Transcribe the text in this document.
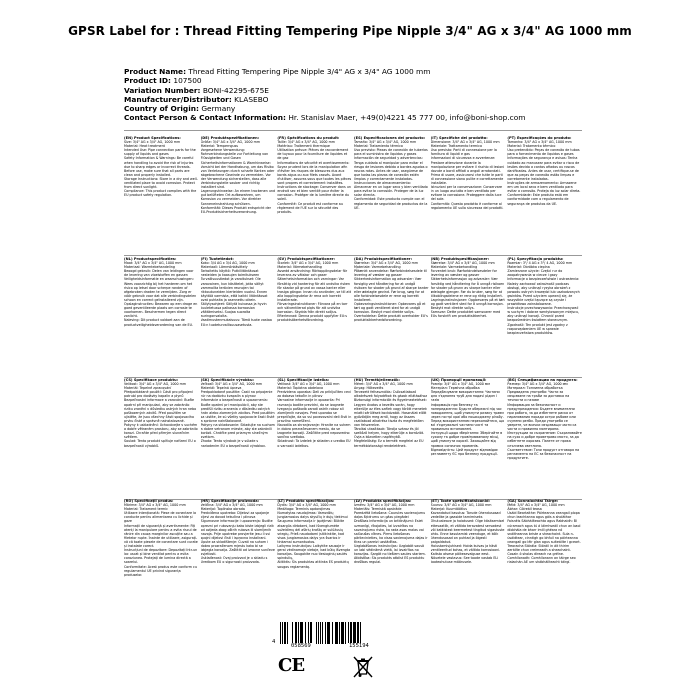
GPSR Label for : Thread Fitting Tempering Pipe Nipple 3/4" AG x 3/4" AG 1000 mm
Product Name: Thread Fitting Tempering Pipe Nipple 3/4" AG x 3/4" AG 1000 mm
Product ID: 107500
Variation Number: BONI-42295-675E
Manufacturer/Distributor: KLASEBO
Country of Origin: Germany
Contact Person & Contact Information: Hr. Stanislav Maer, +49(0)4221 45 777 00, info@boni-shop.com

(EN) Product Specifications:

Size: 3/4" AG x 3/4" AG, 1000 mm

Material: Heat treatment

Intended Use: Pipe connection parts for the supply of liquids and gases

Safety Information & Warnings: Be careful when handling to avoid the risk of injuries due to sharp edges or incorrect threads. Before use, make sure that all parts are clean and properly installed.

Storage Instructions: Store in a dry and well-ventilated place to avoid corrosion. Protect from direct sunlight.

Compliance: This product complies with the EU product safety regulation.

(DE) Produktspezifikationen:

Größe: 3/4" AG x 3/4" AG, 1000 mm

Material: Tempernguss

Vorgesehene Verwendung: Rohrverbindungsteile zur Fortleitung von Flüssigkeiten und Gasen

Sicherheitsinformationen & Warnhinweise: Vorsicht bei der Handhabung, um das Risiko von Verletzungen durch scharfe Kanten oder abgebrochene Gewinde zu vermeiden. Vor der Verwendung sicherstellen, dass alle Verbindungsteile sauber und richtig installiert sind.

Lagerungshinweise: An einem trockenen und gut belüfteten Ort aufbewahren, um Korrosion zu vermeiden. Vor direkter Sonneneinstrahlung schützen.

Konformität: Dieses Produkt entspricht der EU-Produktsicherheitsverordnung.

(FR) Spécifications du produit:

Taille: 3/4" AG x 3/4" AG, 1000 mm

Matériau: Traitement thermique

Utilisation prévue: Pièces de raccordement de tuyaux pour la fourniture de liquides et de gaz

Informations de sécurité et avertissements: Soyez prudent lors de la manipulation afin d'éviter les risques de blessures dus aux bords aigus ou aux filets cassés. Avant d'utiliser, assurez-vous que toutes les pièces sont propres et correctement installées.

Instructions de stockage: Conserver dans un endroit sec et bien ventilé pour éviter la corrosion. Protéger de la lumière directe du soleil.

Conformité: Ce produit est conforme au règlement de l'UE sur la sécurité des produits.

(ES) Especificaciones del producto:

Tamaño: 3/4" AG x 3/4" AG, 1000 mm

Material: Tratamiento térmico

Uso previsto: Piezas de conexión de tuberías para el suministro de líquidos y gases

Información de seguridad y advertencias: Tenga cuidado al manipular para evitar el riesgo de lesiones debido a bordes agudos o roscas rotas. Antes de usar, asegúrese de que todas las piezas de conexión estén limpias y correctamente instaladas.

Instrucciones de almacenamiento: Almacenar en un lugar seco y bien ventilado para evitar la corrosión. Proteger de la luz solar directa.

Conformidad: Este producto cumple con el reglamento de seguridad de productos de la UE.

(IT) Specifiche del prodotto:

Dimensione: 3/4" AG x 3/4" AG, 1000 mm

Materiale: Trattamento termico

Uso previsto: Parti di connessione per la fornitura di liquidi e gas

Informazioni di sicurezza e avvertenze: Prestare attenzione durante la manipolazione per evitare il rischio di lesioni dovute a bordi affilati o angoli arrotondati. Prima di usare, assicurarsi che tutte le parti di connessione siano pulite e correttamente installate.

Istruzioni per la conservazione: Conservare in un luogo asciutto e ben ventilato per evitare la corrosione. Proteggere dalla luce del sole.

Conformità: Questo prodotto è conforme al regolamento UE sulla sicurezza dei prodotti.

(PT) Especificações do produto:

Tamanho: 3/4" AG x 3/4" AG, 1000 mm

Material: Tratamento térmico

Uso pretendido: Peças de conexão de tubos para o fornecimento de líquidos e gases

Informações de segurança e avisos: Tenha cuidado ao manusear para evitar o risco de lesões devido a cantos afiados ou roscas danificadas. Antes de usar, certifique-se de que as peças de conexão estão limpas e corretamente instaladas.

Instruções de armazenamento: Armazene em um local seco e bem ventilado para evitar a corrosão. Proteja da luz solar direta.

Conformidade: Este produto está em conformidade com o regulamento de segurança de produtos da UE.

(NL) Productspecificaties:

Maat: 3/4" AG x 3/4" AG, 1000 mm

Materiaal: Warmtebehandeling

Beoogd gebruik: Delen van leidingen voor de levering van vloeistoffen en gassen

Veiligheidsinformatie en waarschuwingen: Wees voorzichtig bij het hanteren om het risico op letsel door scherpe randen of afgebroken draden te vermijden. Zorg er vóór gebruik voor dat alle verbindingsdelen schoon en correct geïnstalleerd zijn.

Opslaginstructies: Bewaren op een droge en goed geventileerde plaats om corrosie te voorkomen. Beschermen tegen direct zonlicht.

Naleving: Dit product voldoet aan de productveiligheidsverordening van de EU.

(FI) Tuotetiedot:

Koko: 3/4 AG x 3/4 AG, 1000 mm

Materiaali: Lämmönkäsittely

Tarkoitettu käyttö: Putkiliitäntäosat nesteiden ja kaasujen toimitukseen

Turvallisuustiedot ja varoitukset: Ole varovainen, kun käsittelet, jotta vältyt vammoilta terävien reunojen tai rikkoutuneiden kierteiden vuoksi. Ennen käyttöä varmista, että kaikki liitäntäosat ovat puhtaita ja asennettu oikein.

Säilytysohjeet: Säilytä kuivassa ja hyvin tuuletetussa paikassa korroosion välttämiseksi. Suojaa suoralta auringonvalolta.

Vaatimustenmukaisuus: Tämä tuote vastaa EU:n tuoteturvallisuusasetusta.

(SV) Produktspecifikationer:

Storlek: 3/4" AG x 3/4" AG, 1000 mm

Material: Värmebehandling

Avsedd användning: Rörkopplingsdelar för leverans av vätskor och gaser

Säkerhetsinformation och varningar: Var försiktig vid hantering för att undvika risken för skador på grund av vassa kanter eller trasiga gängor. Innan du använder, se till att alla kopplingsdelar är rena och korrekt installerade.

Förvaringsinstruktioner: Förvara på en torr och välventilerad plats för att undvika korrosion. Skydda från direkt solljus.

Efterlevnad: Denna produkt uppfyller EU:s produktsäkerhetsförordning.

(DA) Produktspecifikationer:

Størrelse: 3/4" AG x 3/4" AG, 1000 mm

Materiale: Varmebehandling

Påtænkt anvendelse: Rørforbindelsesdele til levering af væsker og gasser

Sikkerhedsinformation og advarsler: Vær forsigtig ved håndtering for at undgå risikoen for skader på grund af skarpe kanter eller ødelagte gevind. Før brug, sørg for at alle forbindelsesdele er rene og korrekt installeret.

Opbevaringsinstruktioner: Opbevares på et tørt og godt ventileret sted for at undgå korrosion. Beskyt mod direkte sollys.

Overholdelse: Dette produkt overholder EU's produktsikkerhedsforordning.

(NB) Produktspesifikasjoner:

Størrelse: 3/4" AG x 3/4" AG, 1000 mm

Materiale: Varmebehandling

Forventet bruk: Rørforbindelsesdeler for levering av væsker og gasser

Sikkerhetsinformasjon og advarsler: Vær forsiktig ved håndtering for å unngå risikoen for skader på grunn av skarpe kanter eller ødelagte gjenger. Før du bruker, sørg for at tilkoblingsdelene er rene og riktig installert.

Lagringsinstruksjoner: Oppbevares på et tørt og godt ventilert sted for å unngå korrosjon. Beskytt mot direkte sollys.

Samsvar: Dette produktet samsvarer med EUs forskrift om produktsikkerhet.

(PL) Specyfikacja produktu:

Rozmiar: 3"/ 4 AG x 3"/ 4 AG, 1000 mm

Materiał: Obróbka cieplna

Zamierzone użycie: Części rur do zaopatrywania w ciecze i gazy

Informacje o bezpieczeństwie i ostrzeżenia: Należy zachować ostrożność podczas obsługi, aby uniknąć ryzyka obrażeń z powodu ostrych krawędzi lub uszkodzonych gwintów. Przed użyciem upewnij się, że wszystkie części łączące są czyste i prawidłowo zainstalowane.

Instrukcje przechowywania: Przechowywać w suchym i dobrze wentylowanym miejscu, aby uniknąć korozji. Chronić przed bezpośrednim światłem słonecznym.

Zgodność: Ten produkt jest zgodny z rozporządzeniem UE w sprawie bezpieczeństwa produktów.

(CS) Specifikace produktu:

Velikost: 3/4" AG x 3/4" AG, 1000 mm

Materiál: Tepelné zpracování

Předpokládané použití: Části pro připojení potrubí pro dodávky kapalin a plynů

Bezpečnostní informace a varování: Buďte opatrní při manipulaci, aby se zabránilo riziku zranění v důsledku ostrých hran nebo poškozených závitů. Před použitím se ujistěte, že jsou všechny části spojovacího prvku čisté a správně nainstalované.

Pokyny k uskladnění: Uchovávejte v suchém a dobře větraném prostoru, aby se zabránilo korozi. Chraňte před přímým slunečním světlem.

Soulad: Tento produkt splňuje nařízení EU o bezpečnosti výrobků.

(SK) Špecifikácie výrobku:

Veľkosť: 3/4" AG x 3/4" AG, 1000 mm

Materiál: Tepelná úprava

Predpokladané použitie: Časti na pripojenie rúr na dodávku kvapalín a plynov

Informácie o bezpečnosti a upozornenia: Buďte opatrní pri manipulácii, aby ste predišli riziku zranenia v dôsledku ostrých hrán alebo zlomených závitov. Pred použitím sa uistite, že sú všetky spojovacie časti čisté a správne nainštalované.

Pokyny na skladovanie: Skladujte na suchom a dobre vetranom mieste, aby ste zabránili korózii. Chráňte pred priamym slnečným svetlom.

Zhoda: Tento výrobok je v súlade s nariadením EÚ o bezpečnosti výrobkov.

(SL) Specifikacije izdelka:

Velikost: 3/4" AG x 3/4" AG, 1000 mm

Material: Toplotna obdelava

Predvidena uporaba: Deli za priključitev cevi za dobavo tekočin in plinov

Varnostne informacije in opozorila: Pri ravnanju bodite previdni, da se izognete tveganju poškodb zaradi ostrih robov ali zlomljenih navojev. Pred uporabo se prepričajte, da so vsi povezovalni deli čisti in pravilno nameščeni.

Navodila za shranjevanje: Hranite na suhem in dobro prezračevanem mestu, da se izognete koroziji. Zaščitite pred neposredno sončno svetlobo.

Skladnost: Ta izdelek je skladen z uredbo EU o varnosti izdelkov.

(HU) Termékjellemzők:

Méret: 3/4" AG x 3/4" AG, 1000 mm

Anyag: Hőkezelés

Tervezett felhasználás: Csőcsatlakozó alkatrészek folyadékok és gázok ellátásához

Biztonsági információk és figyelmeztetések: Legyen óvatos a kezelés során, hogy elkerülje az éles szélek vagy törött menetek miatti sérülések kockázatát. Használat előtt győződjön meg arról, hogy az összes csatlakozó alkatrész tiszta és megfelelően van felszerelve.

Tárolási utasítások: Tárolja száraz és jól szellőző helyen, hogy elkerülje a korróziót. Óvja a közvetlen napfénytől.

Megfelelőség: Ez a termék megfelel az EU termékbiztonsági rendeletének.

(UK) Пропорції пропозиції:

Розмір: 3/4" AG x 3/4" AG, 1000 мм

Матеріал: Термічна обробка

Передбачуване використання: Частини для з'єднання труб для подачі рідин і газів

Інформація про безпеку та попередження: Будьте обережні під час поводження, щоб уникнути ризику травм через гострі краї або пошкоджену різьбу. Перед використанням переконайтеся, що всі з'єднувальні частини чисті та правильно встановлені.

Інструкції щодо зберігання: Зберігайте в сухому та добре провітрюваному місці, щоб уникнути корозії. Захищайте від прямих сонячних променів.

Відповідність: Цей продукт відповідає регламенту ЄС про безпеку продукції.

(BG) Спецификации на продукта:

Размер: 3/4" AG x 3/4" AG, 1000 мм

Материал: Топлинна обработка

Предвидена употреба: Части за свързване на тръби за доставка на течности и газове

Информация за безопасност и предупреждения: Бъдете внимателни при работа, за да избегнете риска от наранявания поради остри ръбове или счупени резби. Преди употреба се уверете, че всички свързващи части са чисти и правилно монтирани.

Инструкции за съхранение: Съхранявайте на сухо и добре проветриво място, за да избегнете корозия. Пазете от пряка слънчева светлина.

Съответствие: Този продукт отговаря на регламента на ЕС за безопасност на продуктите.

(RO) Specificații produs:

Mărime: 3/4" AG x 3/4" AG, 1000 mm

Material: Tratament termic

Utilizare intenționată: Piese de conectare la conducte pentru alimentarea cu lichide și gaze

Informații de siguranță și avertismente: Fiți atenți la manipulare pentru a evita riscul de rănire din cauza marginilor ascuțite sau a filetelor rupte. Înainte de utilizare, asigurați-vă că toate piesele de conectare sunt curate și instalate corect.

Instrucțiuni de depozitare: Depozitați într-un loc uscat și bine ventilat pentru a evita coroziunea. Protejați de lumina directă a soarelui.

Conformitate: Acest produs este conform cu regulamentul UE privind siguranța produselor.

(HR) Specifikacije proizvoda:

Veličina: 3/4" AG x 3/4" AG, 1000 mm

Materijal: Toplinska obrada

Predviđena upotreba: Dijelovi za spajanje cijevi za dovod tekućina i plinova

Sigurnosne informacije i upozorenja: Budite oprezni pri rukovanju kako biste izbjegli rizik od ozljeda zbog oštrih rubova ili slomljenih navoja. Prije upotrebe provjerite jesu li svi spojni dijelovi čisti i ispravno instalirani.

Upute za skladištenje: Čuvati na suhom i dobro prozračenom mjestu kako bi se izbjegla korozija. Zaštititi od izravne sunčeve svjetlosti.

Usklađenost: Ovaj proizvod je u skladu s Uredbom EU o sigurnosti proizvoda.

(LT) Produkto specifikacijos:

Dydis: 3/4" AG x 3/4" AG, 1000 mm

Medžiaga: Terminis apdorojimas

Numatytas naudojimas: Vamzdžių jungiamosios dalys skysčių ir dujų tiekimui

Saugumo informacija ir įspėjimai: Būkite atsargūs dirbdami, kad išvengtumėte sužeidimų dėl aštrių kraštų ar sulūžusių sriegių. Prieš naudodami įsitikinkite, kad visos jungiamosios dalys yra švarios ir tinkamai sumontuotos.

Laikymo instrukcijos: Laikykite sausoje ir gerai vėdinamoje vietoje, kad būtų išvengta korozijos. Saugokite nuo tiesioginių saulės spindulių.

Atitiktis: Šis produktas atitinka ES produktų saugos reglamentą.

(LV) Produkta specifikācijas:

Izmērs: 3/4" AG x 3/4" AG, 1000 mm

Materiāls: Termiskā apstrāde

Paredzētā lietošana: Caurules savienojumu daļas šķidrumu un gāzu piegādei

Drošības informācija un brīdinājumi: Esiet uzmanīgi, rīkojoties, lai izvairītos no savainojumu riska, ko rada asas malas vai salūzušas vītnes. Pirms lietošanas pārliecinieties, ka visas savienojuma daļas ir tīras un pareizi uzstādītas.

Uzglabāšanas instrukcijas: Uzglabāt sausā un labi vēdināmā vietā, lai izvairītos no korozijas. Sargāt no tiešiem saules stariem.

Atbilstība: Šis produkts atbilst ES produktu drošības regulai.

(ET) Toote spetsifikatsioonid:

Suurus: 3/4" AG x 3/4" AG, 1000 mm

Materjal: Kuumtöötlus

Kavandatud kasutus: Torude ühendusosad vedelike ja gaaside tarnimiseks

Ohutusteave ja hoiatused: Olge käsitsemisel ettevaatlik, et vältida teravatest servadest või katkistest keermetest tingitud vigastuste ohtu. Enne kasutamist veenduge, et kõik ühendusosad on puhtad ja õigesti paigaldatud.

Hoiustamisjuhised: Hoida kuivas ja hästi ventileeritud kohas, et vältida korrosiooni. Kaitsta otsese päikesevalguse eest.

Nõuetele vastavus: See toode vastab ELi tooteohutuse määrusele.

(GA) Sonraíochtaí Táirge:

Méid: 3/4" AG x 3/4" AG, 1000 mm

Ábhar: Cóireáil teasa

Úsáid Beartaithe: Páirteanna ceangail píopa chun leachtanna agus gáis a sholáthar

Faisnéis Sábháilteachta agus Rabhaidh: Bí cúramach agus tú á láimhseáil chun an baol díobhála de bharr imill ghéara nó snáitheanna briste a sheachaint. Sula n-úsáidtear, cinntigh go bhfuil na páirteanna ceangail go léir glan agus suiteáilte i gceart.

Treoracha Stórála: Stóráil in áit thirim aeráilte chun creimeadh a sheachaint. Cosain ó sholas díreach na gréine.

Comhlíonadh: Comhlíonann an táirge seo rialachán AE um shábháilteacht táirgí.

4
058569	155194
CE
